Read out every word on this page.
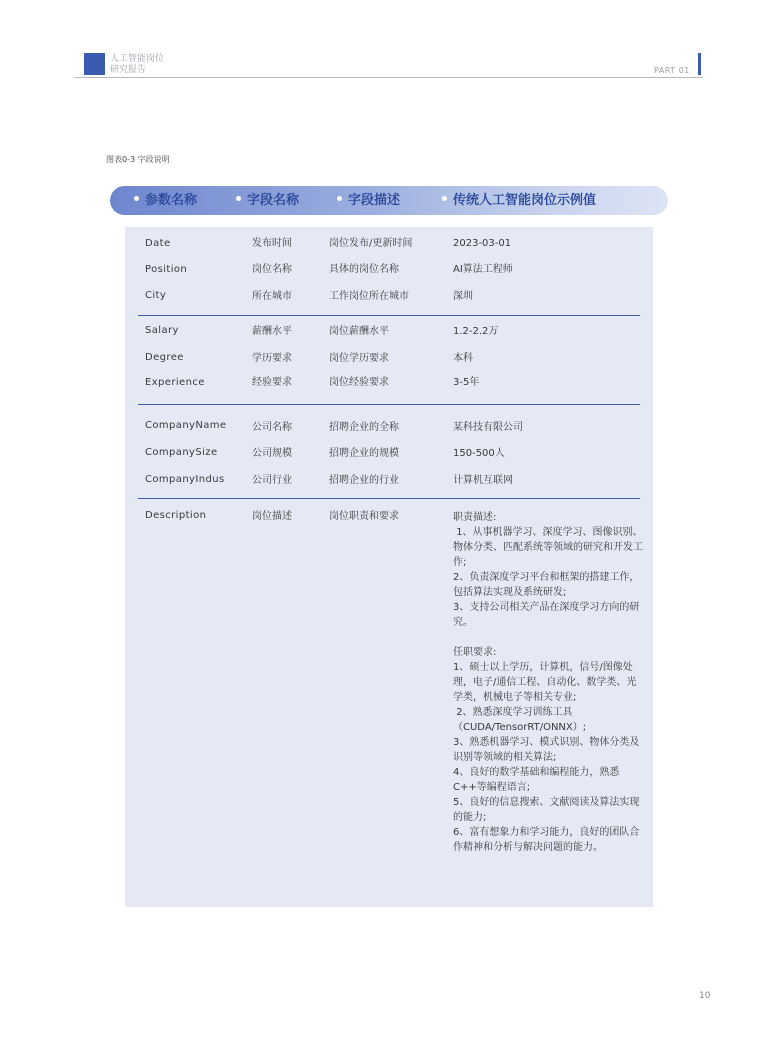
人工智能岗位
研究报告	PART 01
图表0-3 字段说明
参数名称	字段名称	字段描述	传统人工智能岗位示例值
Date	发布时间	岗位发布/更新时间	2023-03-01
Position	岗位名称	具体的岗位名称	AI算法工程师
City	所在城市	工作岗位所在城市	深圳
Salary	薪酬水平	岗位薪酬水平	1.2-2.2万
Degree	学历要求	岗位学历要求	本科
Experience	经验要求	岗位经验要求	3-5年
CompanyName	公司名称	招聘企业的全称	某科技有限公司
CompanySize	公司规模	招聘企业的规模	150-500人
CompanyIndus	公司行业	招聘企业的行业	计算机互联网
Description	岗位描述	岗位职责和要求	职责描述:
1、从事机器学习、深度学习、图像识别、物体分类、匹配系统等领域的研究和开发工作;
2、负责深度学习平台和框架的搭建工作，包括算法实现及系统研发;
3、支持公司相关产品在深度学习方向的研究。

任职要求:
1、硕士以上学历，计算机，信号/图像处理，电子/通信工程、自动化、数学类、光学类，机械电子等相关专业;
2、熟悉深度学习训练工具（CUDA/TensorRT/ONNX）;
3、熟悉机器学习、模式识别、物体分类及识别等领域的相关算法;
4、良好的数学基础和编程能力，熟悉C++等编程语言;
5、良好的信息搜索、文献阅读及算法实现的能力;
6、富有想象力和学习能力，良好的团队合作精神和分析与解决问题的能力。
10
